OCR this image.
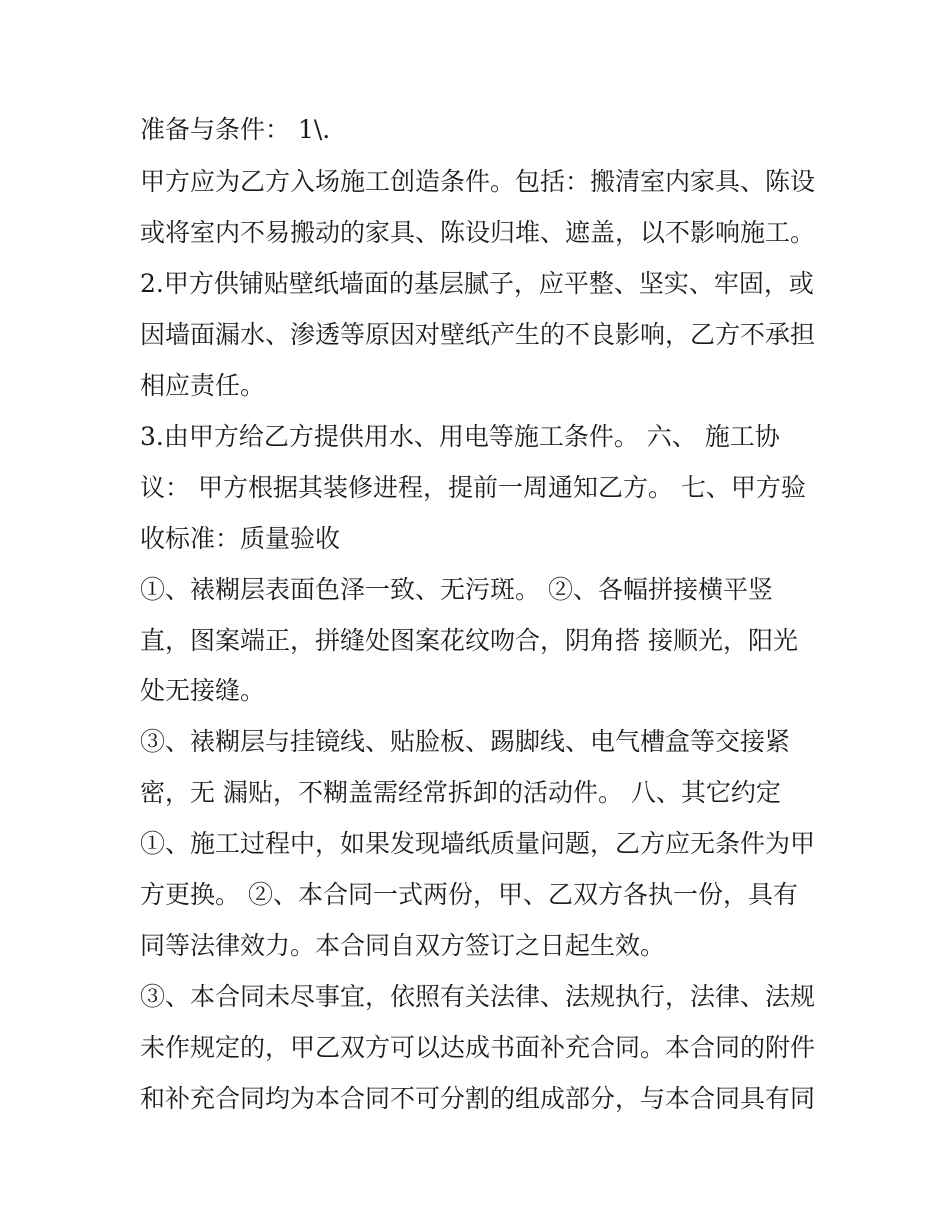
准备与条件： 1\.

甲方应为乙方入场施工创造条件。包括：搬清室内家具、陈设

或将室内不易搬动的家具、陈设归堆、遮盖，以不影响施工。

2.甲方供铺贴壁纸墙面的基层腻子，应平整、坚实、牢固，或

因墙面漏水、渗透等原因对壁纸产生的不良影响，乙方不承担

相应责任。

3.由甲方给乙方提供用水、用电等施工条件。 六、 施工协

议： 甲方根据其装修进程，提前一周通知乙方。 七、甲方验

收标准：质量验收

①、裱糊层表面色泽一致、无污斑。 ②、各幅拼接横平竖

直，图案端正，拼缝处图案花纹吻合，阴角搭 接顺光，阳光

处无接缝。

③、裱糊层与挂镜线、贴脸板、踢脚线、电气槽盒等交接紧

密，无 漏贴，不糊盖需经常拆卸的活动件。 八、其它约定

①、施工过程中，如果发现墙纸质量问题，乙方应无条件为甲

方更换。 ②、本合同一式两份，甲、乙双方各执一份，具有

同等法律效力。本合同自双方签订之日起生效。

③、本合同未尽事宜，依照有关法律、法规执行，法律、法规

未作规定的，甲乙双方可以达成书面补充合同。本合同的附件

和补充合同均为本合同不可分割的组成部分，与本合同具有同
